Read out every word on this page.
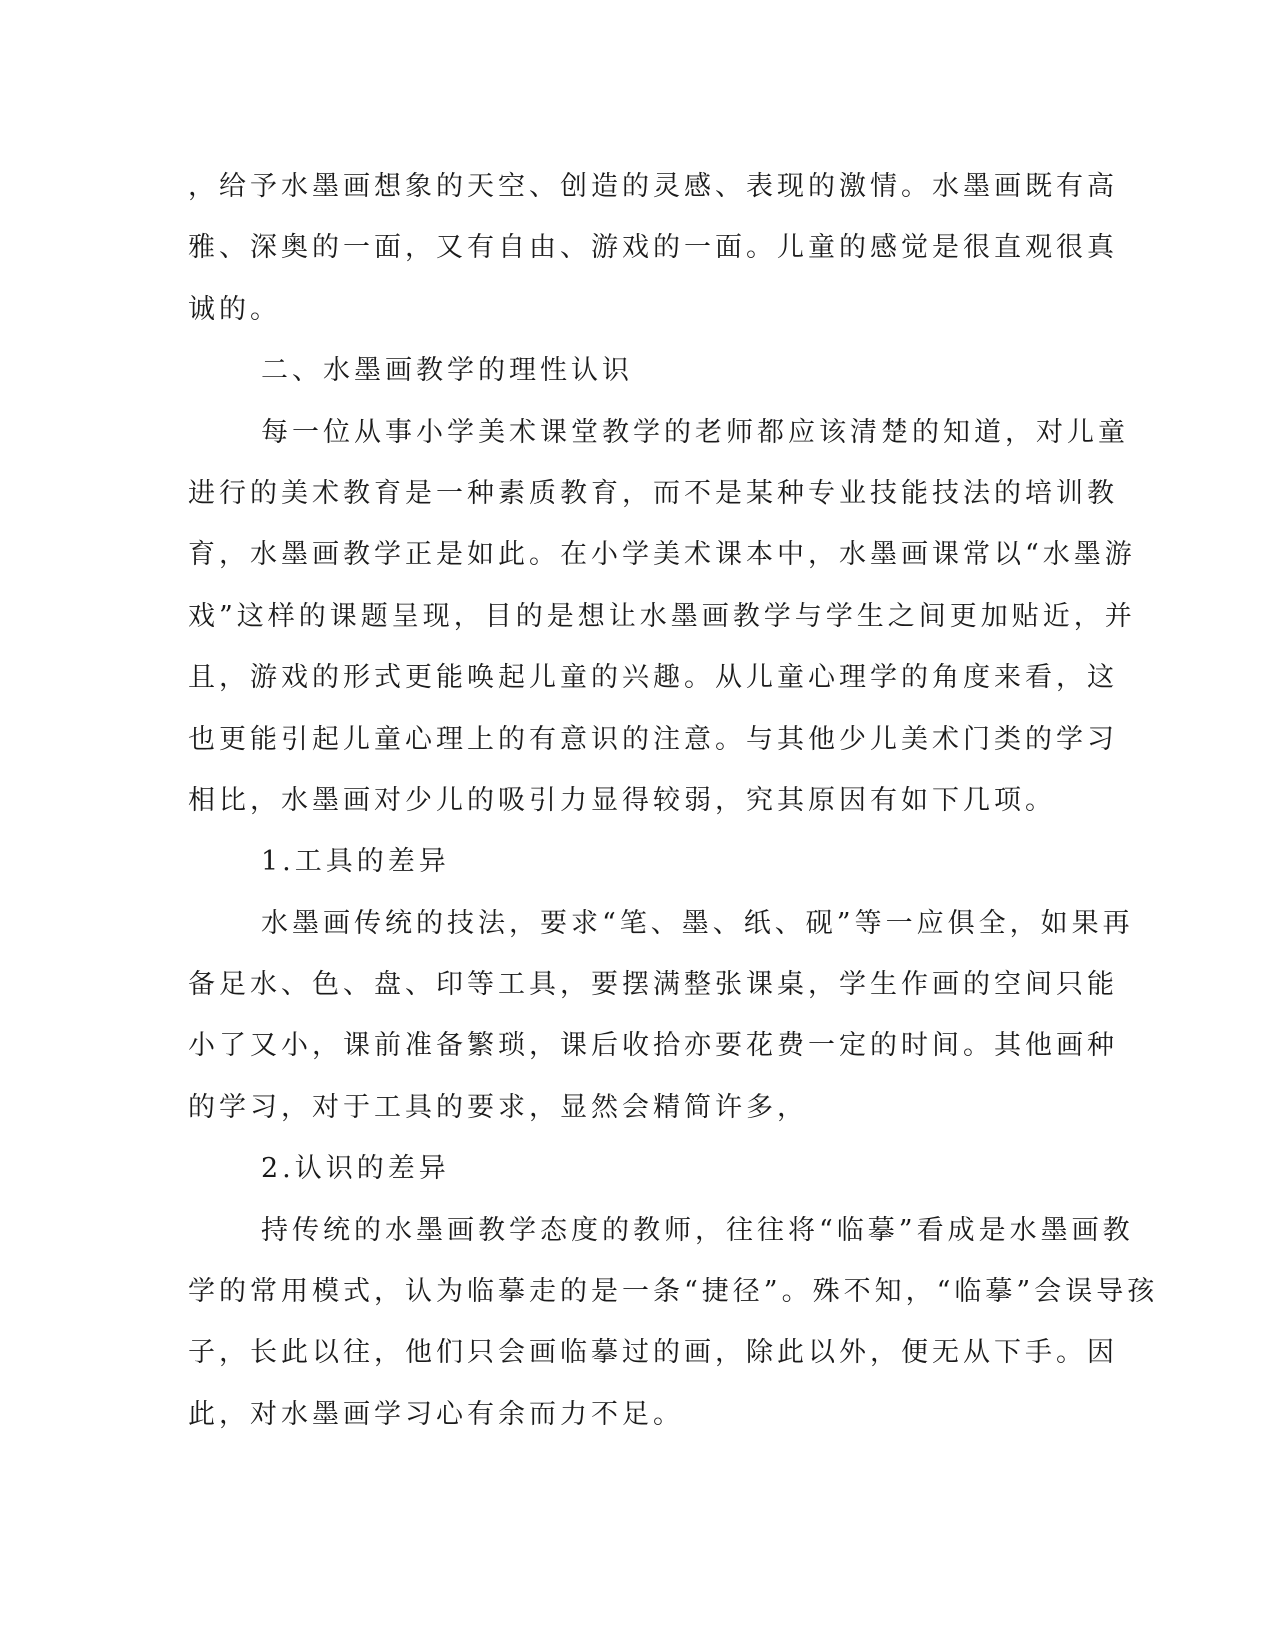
，给予水墨画想象的天空、创造的灵感、表现的激情。水墨画既有高
雅、深奥的一面，又有自由、游戏的一面。儿童的感觉是很直观很真
诚的。
二、水墨画教学的理性认识
每一位从事小学美术课堂教学的老师都应该清楚的知道，对儿童
进行的美术教育是一种素质教育，而不是某种专业技能技法的培训教
育，水墨画教学正是如此。在小学美术课本中，水墨画课常以“水墨游
戏”这样的课题呈现，目的是想让水墨画教学与学生之间更加贴近，并
且，游戏的形式更能唤起儿童的兴趣。从儿童心理学的角度来看，这
也更能引起儿童心理上的有意识的注意。与其他少儿美术门类的学习
相比，水墨画对少儿的吸引力显得较弱，究其原因有如下几项。
1.工具的差异
水墨画传统的技法，要求“笔、墨、纸、砚”等一应俱全，如果再
备足水、色、盘、印等工具，要摆满整张课桌，学生作画的空间只能
小了又小，课前准备繁琐，课后收拾亦要花费一定的时间。其他画种
的学习，对于工具的要求，显然会精简许多，
2.认识的差异
持传统的水墨画教学态度的教师，往往将“临摹”看成是水墨画教
学的常用模式，认为临摹走的是一条“捷径”。殊不知，“临摹”会误导孩
子，长此以往，他们只会画临摹过的画，除此以外，便无从下手。因
此，对水墨画学习心有余而力不足。
